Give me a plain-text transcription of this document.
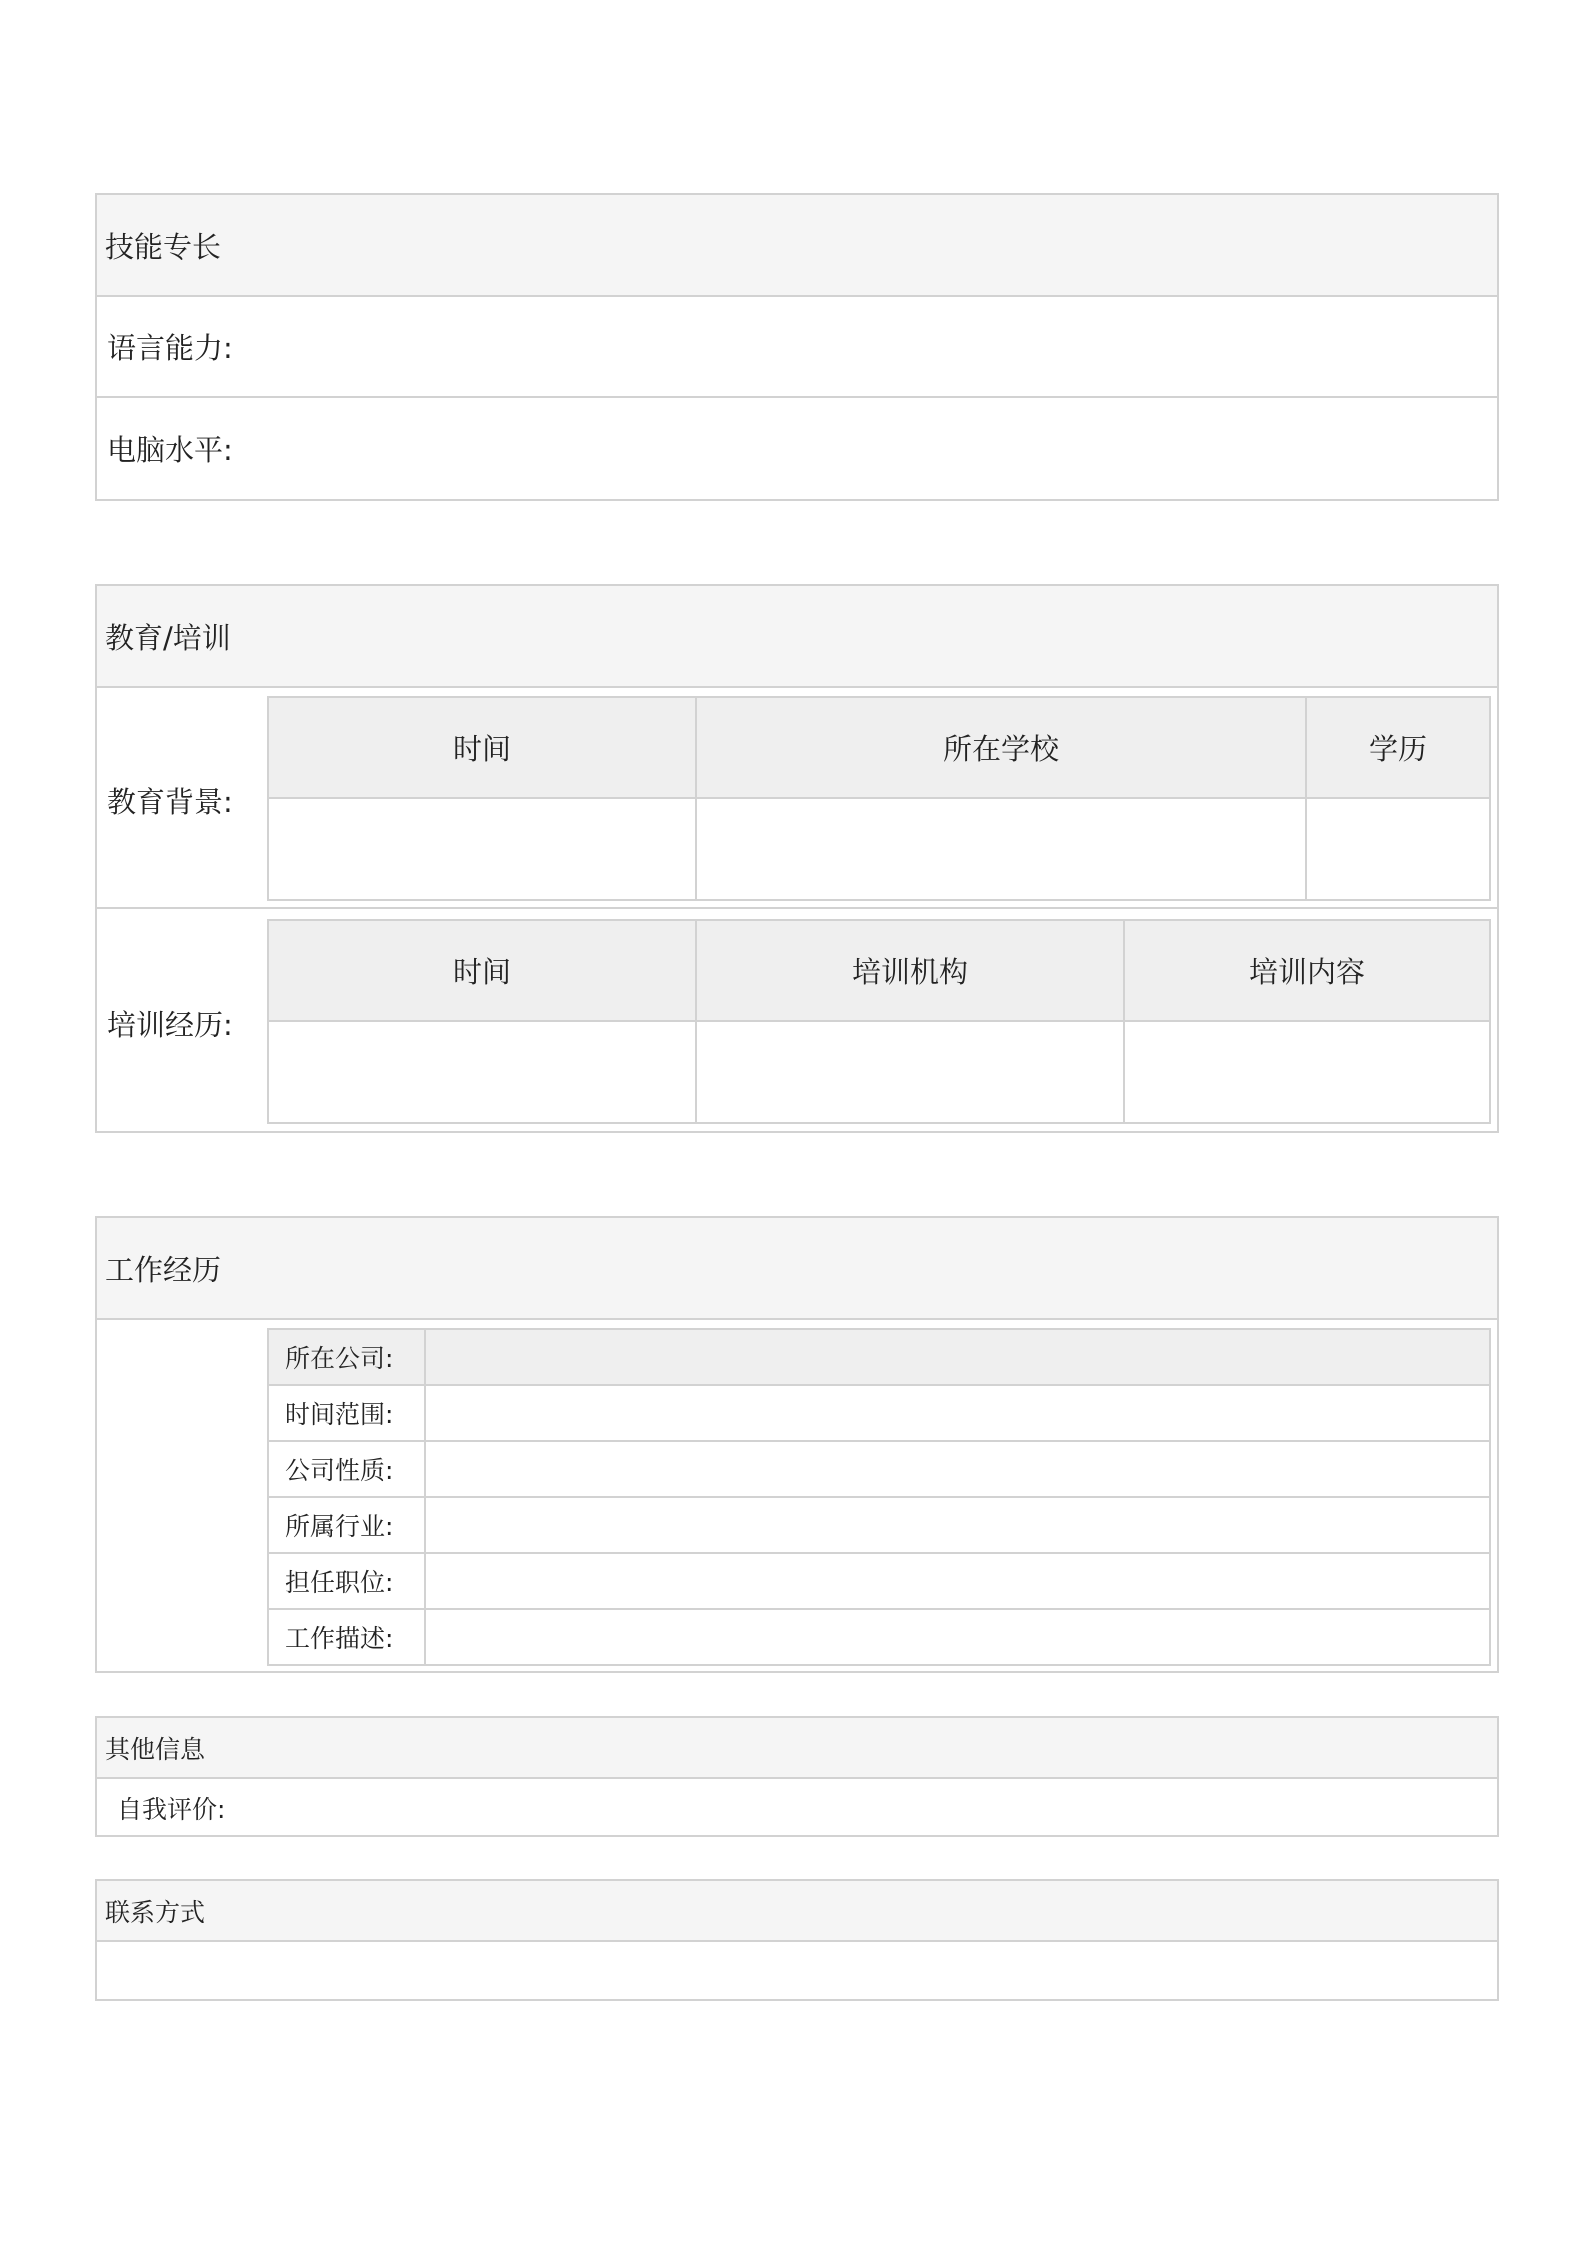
技能专长
语言能力:
电脑水平:
教育/培训
教育背景:
时间	所在学校	学历

培训经历:
时间	培训机构	培训内容

工作经历
所在公司:	
时间范围:	
公司性质:	
所属行业:	
担任职位:	
工作描述:	
其他信息
自我评价:
联系方式
